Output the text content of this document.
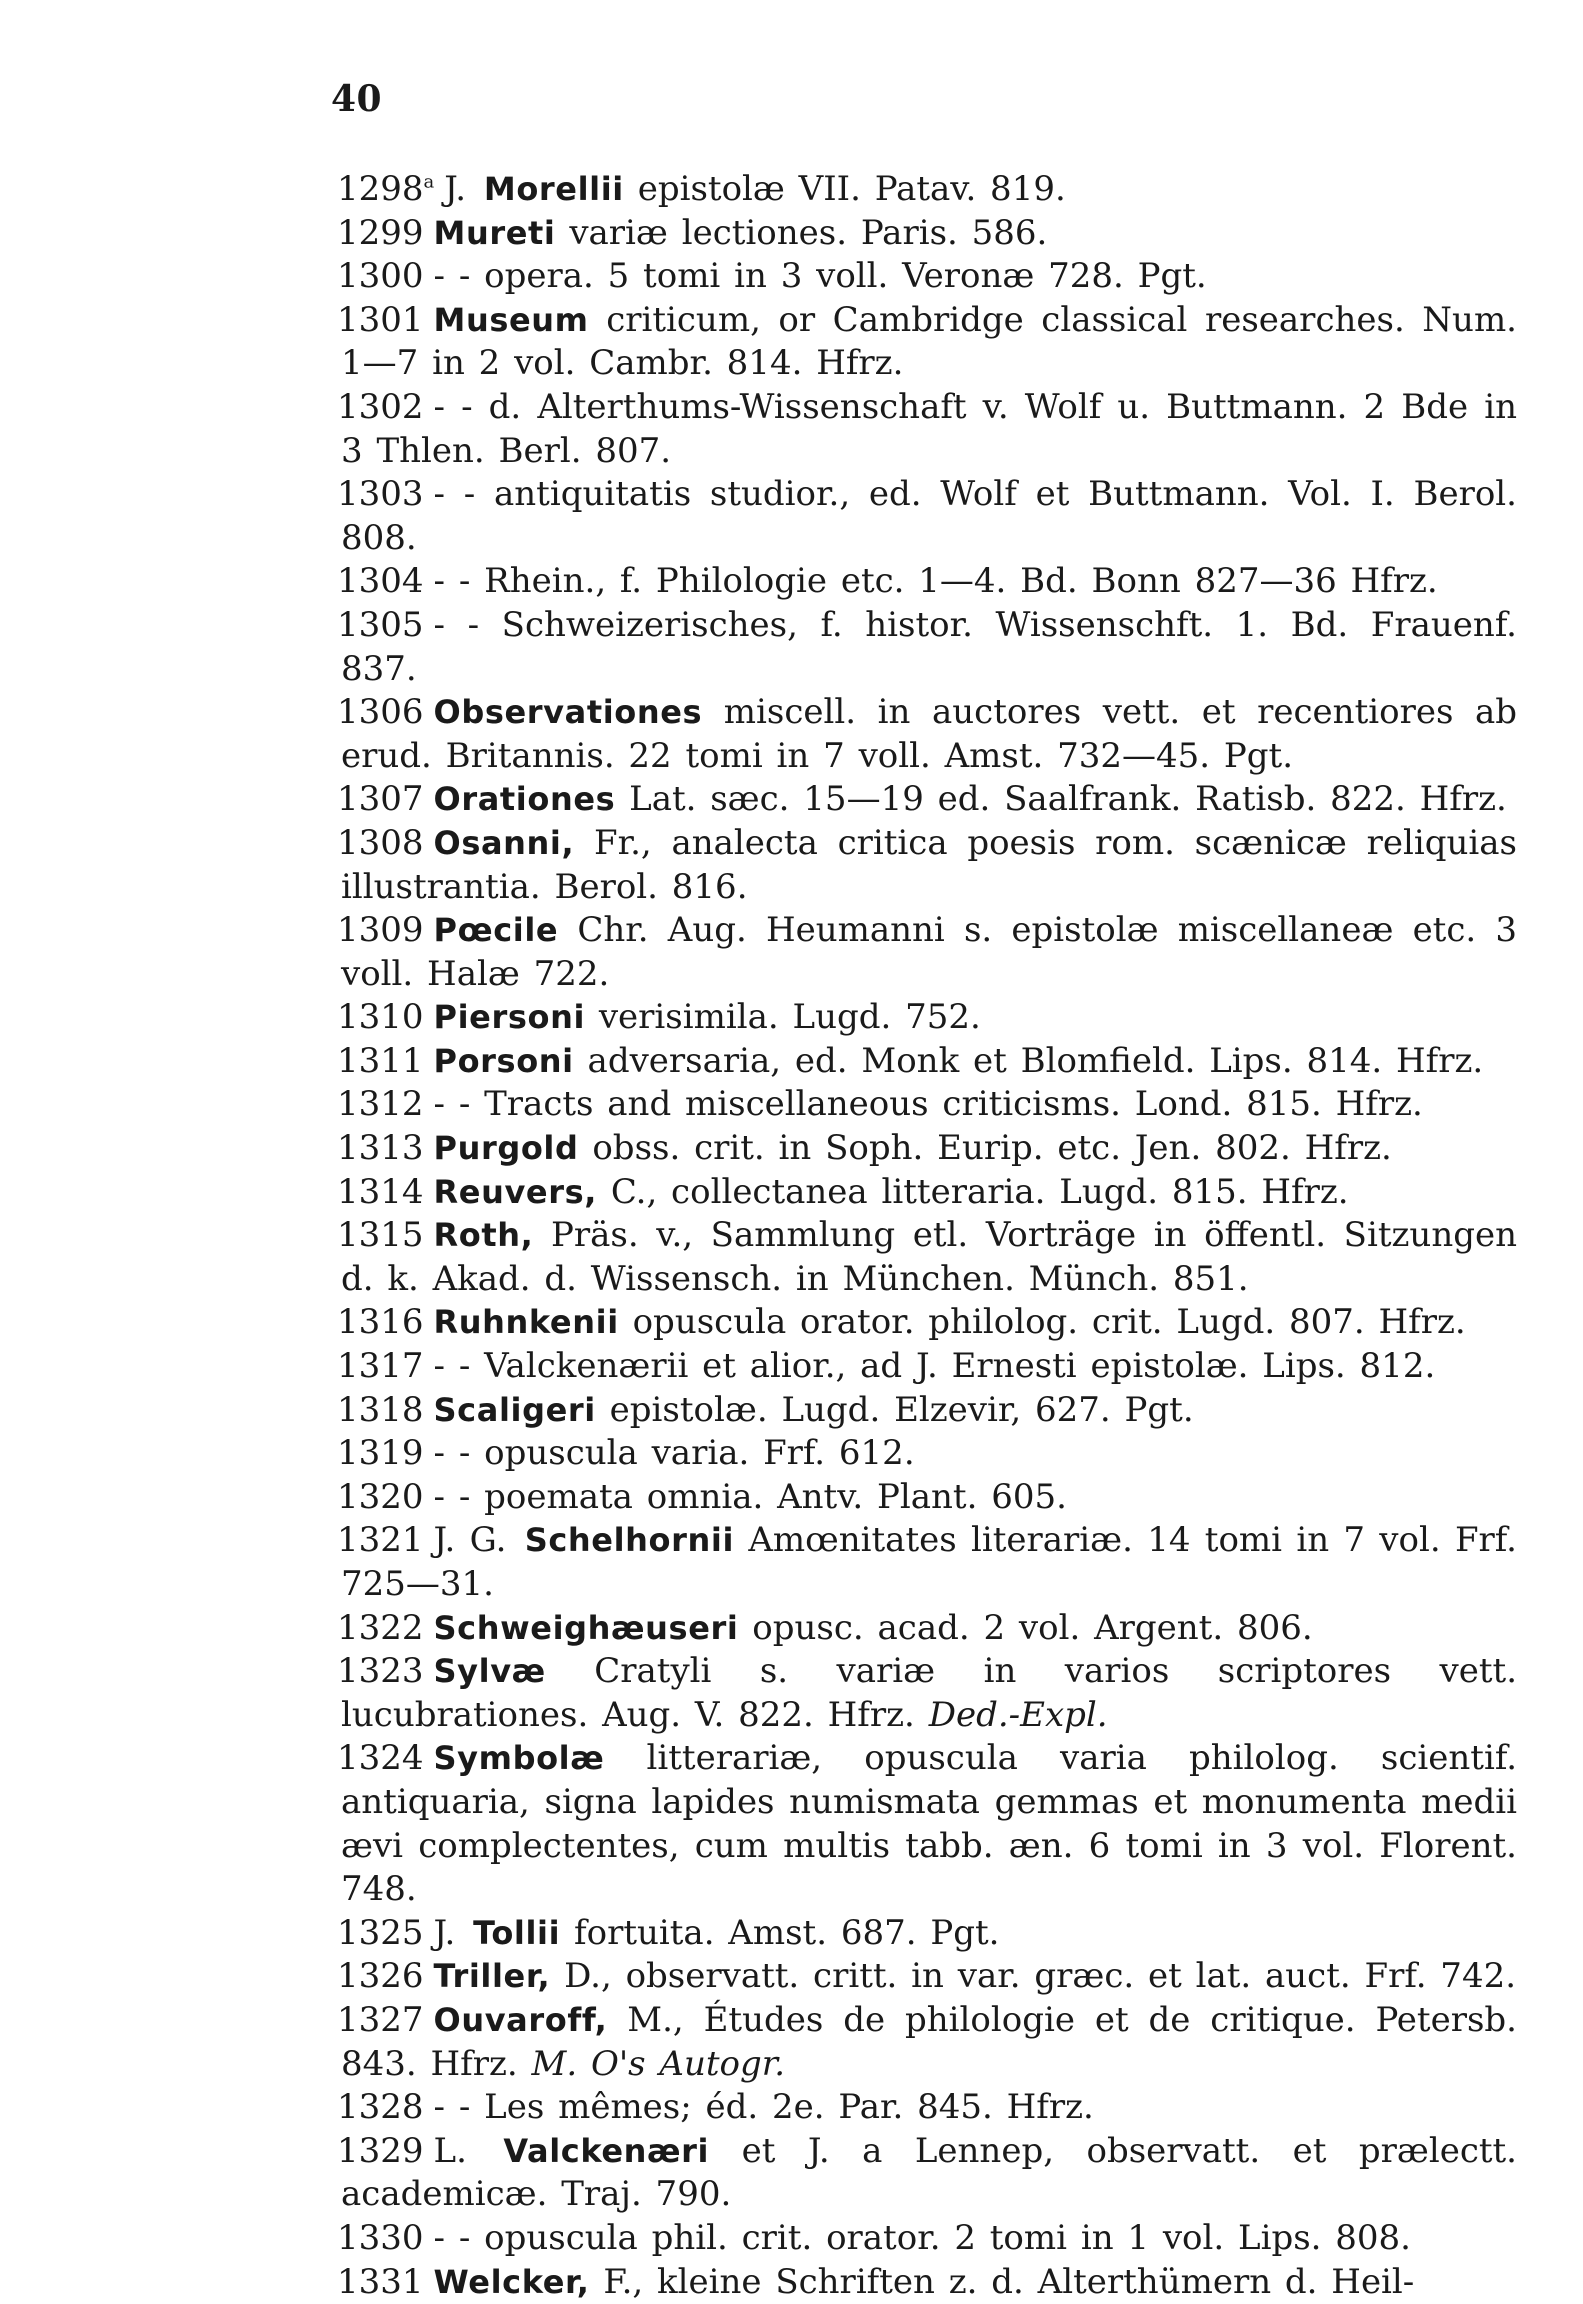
40
1298$^a$ J. Morellii epistolæ VII. Patav. 819.
1299 Mureti variæ lectiones. Paris. 586.
1300 - - opera. 5 tomi in 3 voll. Veronæ 728. Pgt.
1301 Museum criticum, or Cambridge classical researches. Num. 1—7 in 2 vol. Cambr. 814. Hfrz.
1302 - - d. Alterthums-Wissenschaft v. Wolf u. Buttmann. 2 Bde in 3 Thlen. Berl. 807.
1303 - - antiquitatis studior., ed. Wolf et Buttmann. Vol. I. Berol. 808.
1304 - - Rhein., f. Philologie etc. 1—4. Bd. Bonn 827—36 Hfrz.
1305 - - Schweizerisches, f. histor. Wissenschft. 1. Bd. Frauenf. 837.
1306 Observationes miscell. in auctores vett. et recentiores ab erud. Britannis. 22 tomi in 7 voll. Amst. 732—45. Pgt.
1307 Orationes Lat. sæc. 15—19 ed. Saalfrank. Ratisb. 822. Hfrz.
1308 Osanni, Fr., analecta critica poesis rom. scænicæ reliquias illustrantia. Berol. 816.
1309 Pœcile Chr. Aug. Heumanni s. epistolæ miscellaneæ etc. 3 voll. Halæ 722.
1310 Piersoni verisimila. Lugd. 752.
1311 Porsoni adversaria, ed. Monk et Blomfield. Lips. 814. Hfrz.
1312 - - Tracts and miscellaneous criticisms. Lond. 815. Hfrz.
1313 Purgold obss. crit. in Soph. Eurip. etc. Jen. 802. Hfrz.
1314 Reuvers, C., collectanea litteraria. Lugd. 815. Hfrz.
1315 Roth, Präs. v., Sammlung etl. Vorträge in öffentl. Sitzungen d. k. Akad. d. Wissensch. in München. Münch. 851.
1316 Ruhnkenii opuscula orator. philolog. crit. Lugd. 807. Hfrz.
1317 - - Valckenærii et alior., ad J. Ernesti epistolæ. Lips. 812.
1318 Scaligeri epistolæ. Lugd. Elzevir, 627. Pgt.
1319 - - opuscula varia. Frf. 612.
1320 - - poemata omnia. Antv. Plant. 605.
1321 J. G. Schelhornii Amœnitates literariæ. 14 tomi in 7 vol. Frf. 725—31.
1322 Schweighæuseri opusc. acad. 2 vol. Argent. 806.
1323 Sylvæ Cratyli s. variæ in varios scriptores vett. lucubrationes. Aug. V. 822. Hfrz. Ded.-Expl.
1324 Symbolæ litterariæ, opuscula varia philolog. scientif. antiquaria, signa lapides numismata gemmas et monumenta medii ævi complectentes, cum multis tabb. æn. 6 tomi in 3 vol. Florent. 748.
1325 J. Tollii fortuita. Amst. 687. Pgt.
1326 Triller, D., observatt. critt. in var. græc. et lat. auct. Frf. 742.
1327 Ouvaroff, M., Études de philologie et de critique. Petersb. 843. Hfrz. M. O's Autogr.
1328 - - Les mêmes; éd. 2e. Par. 845. Hfrz.
1329 L. Valckenæri et J. a Lennep, observatt. et prælectt. academicæ. Traj. 790.
1330 - - opuscula phil. crit. orator. 2 tomi in 1 vol. Lips. 808.
1331 Welcker, F., kleine Schriften z. d. Alterthümern d. Heil-
